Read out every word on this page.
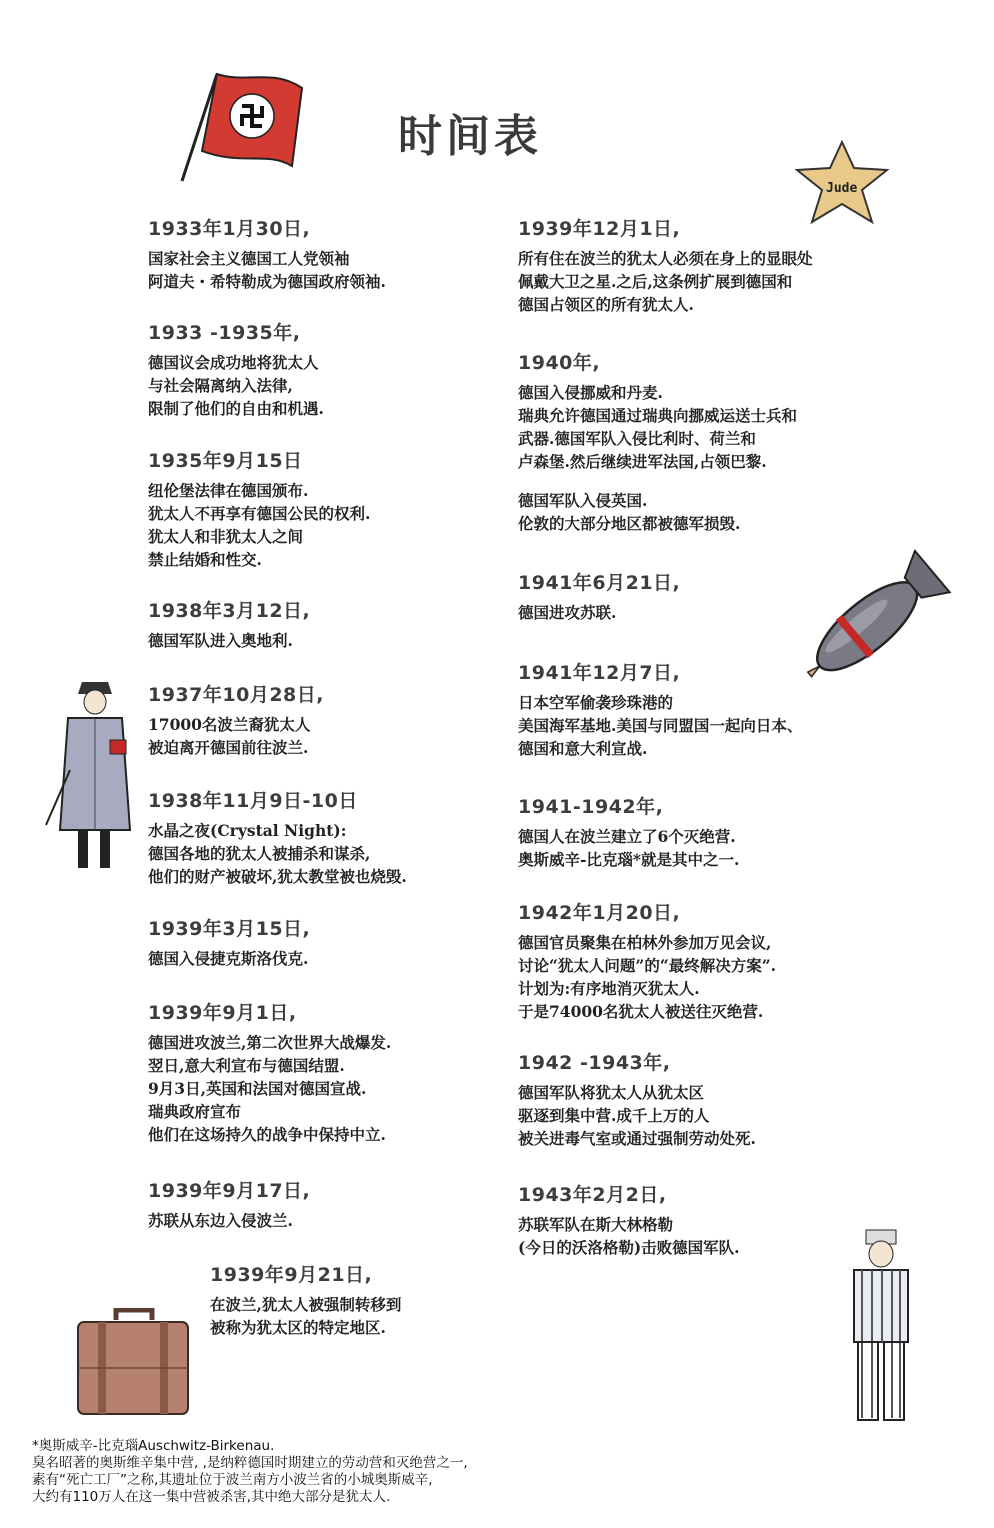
时间表
Jude
1933年1月30日,
国家社会主义德国工人党领袖
阿道夫・希特勒成为德国政府领袖.
1933 -1935年,
德国议会成功地将犹太人
与社会隔离纳入法律,
限制了他们的自由和机遇.
1935年9月15日
纽伦堡法律在德国颁布.
犹太人不再享有德国公民的权利.
犹太人和非犹太人之间
禁止结婚和性交.
1938年3月12日,
德国军队进入奥地利.
1937年10月28日,
17000名波兰裔犹太人
被迫离开德国前往波兰.
1938年11月9日-10日
水晶之夜(Crystal Night):
德国各地的犹太人被捕杀和谋杀,
他们的财产被破坏,犹太教堂被也烧毁.
1939年3月15日,
德国入侵捷克斯洛伐克.
1939年9月1日,
德国进攻波兰,第二次世界大战爆发.
翌日,意大利宣布与德国结盟.
9月3日,英国和法国对德国宣战.
瑞典政府宣布
他们在这场持久的战争中保持中立.
1939年9月17日,
苏联从东边入侵波兰.
1939年9月21日,
在波兰,犹太人被强制转移到
被称为犹太区的特定地区.
1939年12月1日,
所有住在波兰的犹太人必须在身上的显眼处
佩戴大卫之星.之后,这条例扩展到德国和
德国占领区的所有犹太人.
1940年,
德国入侵挪威和丹麦.
瑞典允许德国通过瑞典向挪威运送士兵和
武器.德国军队入侵比利时、荷兰和
卢森堡.然后继续进军法国,占领巴黎.
德国军队入侵英国.
伦敦的大部分地区都被德军损毁.
1941年6月21日,
德国进攻苏联.
1941年12月7日,
日本空军偷袭珍珠港的
美国海军基地.美国与同盟国一起向日本、
德国和意大利宣战.
1941-1942年,
德国人在波兰建立了6个灭绝营.
奥斯威辛-比克瑙*就是其中之一.
1942年1月20日,
德国官员聚集在柏林外参加万见会议,
讨论“犹太人问题”的“最终解决方案”.
计划为:有序地消灭犹太人.
于是74000名犹太人被送往灭绝营.
1942 -1943年,
德国军队将犹太人从犹太区
驱逐到集中营.成千上万的人
被关进毒气室或通过强制劳动处死.
1943年2月2日,
苏联军队在斯大林格勒
(今日的沃洛格勒)击败德国军队.
*奥斯威辛-比克瑙Auschwitz-Birkenau.
臭名昭著的奥斯维辛集中营, ,是纳粹德国时期建立的劳动营和灭绝营之一,
素有“死亡工厂”之称,其遗址位于波兰南方小波兰省的小城奥斯威辛,
大约有110万人在这一集中营被杀害,其中绝大部分是犹太人.
